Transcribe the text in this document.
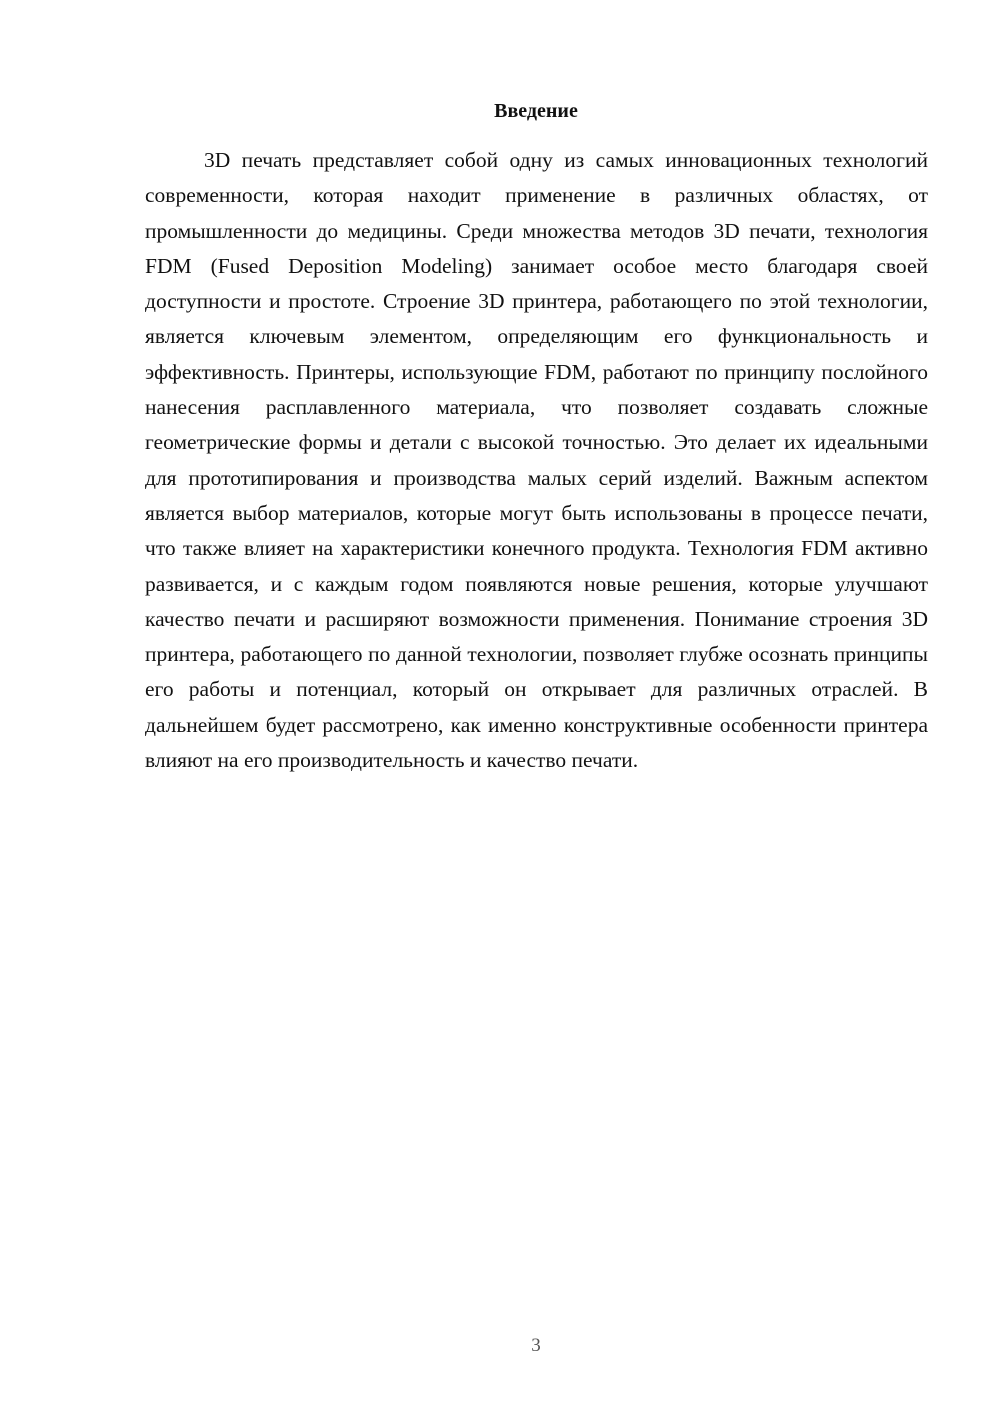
Введение

3D печать представляет собой одну из самых инновационных технологий современности, которая находит применение в различных областях, от промышленности до медицины. Среди множества методов 3D печати, технология FDM (Fused Deposition Modeling) занимает особое место благодаря своей доступности и простоте. Строение 3D принтера, работающего по этой технологии, является ключевым элементом, определяющим его функциональность и эффективность. Принтеры, использующие FDM, работают по принципу послойного нанесения расплавленного материала, что позволяет создавать сложные геометрические формы и детали с высокой точностью. Это делает их идеальными для прототипирования и производства малых серий изделий. Важным аспектом является выбор материалов, которые могут быть использованы в процессе печати, что также влияет на характеристики конечного продукта. Технология FDM активно развивается, и с каждым годом появляются новые решения, которые улучшают качество печати и расширяют возможности применения. Понимание строения 3D принтера, работающего по данной технологии, позволяет глубже осознать принципы его работы и потенциал, который он открывает для различных отраслей. В дальнейшем будет рассмотрено, как именно конструктивные особенности принтера влияют на его производительность и качество печати.

3
